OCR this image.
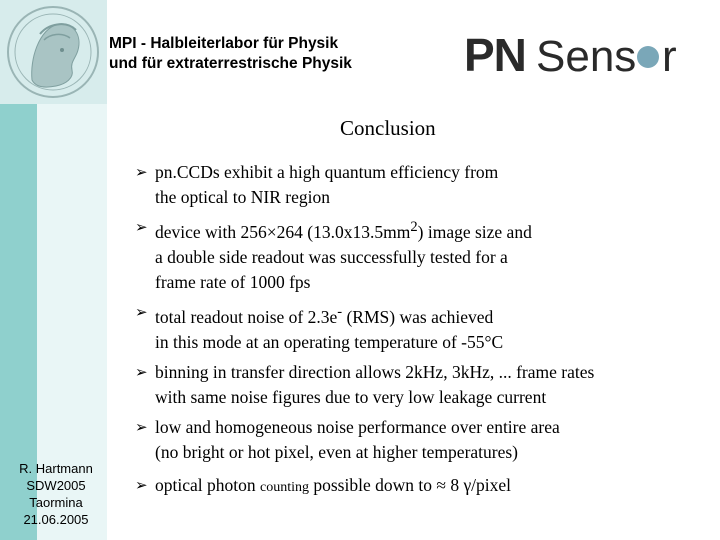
MPI - Halbleiterlabor für Physik
und für extraterrestrische Physik PN Sens r
Conclusion
➢ pn.CCDs exhibit a high quantum efficiency from
the optical to NIR region
➢ device with 256×264 $(13.0x13.5mm^2)$ image size and
a double side readout was successfully tested for a
frame rate of 1000 fps
➢ total readout noise of 2.3e- (RMS) was achieved
in this mode at an operating temperature of -55°C
➢ binning in transfer direction allows 2kHz, 3kHz, ... frame rates
with same noise figures due to very low leakage current
➢ low and homogeneous noise performance over entire area
(no bright or hot pixel, even at higher temperatures)
➢ optical photon counting possible down to ≈ 8 γ/pixel
R. Hartmann
SDW2005
Taormina
21.06.2005
